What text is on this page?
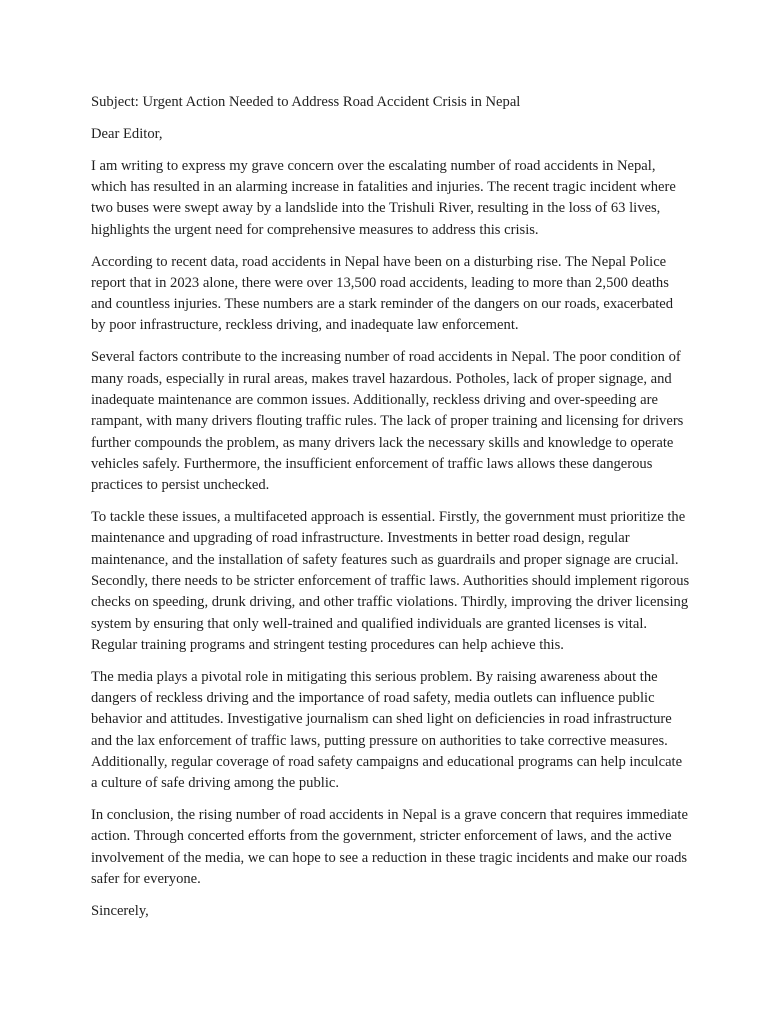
Subject: Urgent Action Needed to Address Road Accident Crisis in Nepal

Dear Editor,

I am writing to express my grave concern over the escalating number of road accidents in Nepal, which has resulted in an alarming increase in fatalities and injuries. The recent tragic incident where two buses were swept away by a landslide into the Trishuli River, resulting in the loss of 63 lives, highlights the urgent need for comprehensive measures to address this crisis.

According to recent data, road accidents in Nepal have been on a disturbing rise. The Nepal Police report that in 2023 alone, there were over 13,500 road accidents, leading to more than 2,500 deaths and countless injuries. These numbers are a stark reminder of the dangers on our roads, exacerbated by poor infrastructure, reckless driving, and inadequate law enforcement.

Several factors contribute to the increasing number of road accidents in Nepal. The poor condition of many roads, especially in rural areas, makes travel hazardous. Potholes, lack of proper signage, and inadequate maintenance are common issues. Additionally, reckless driving and over-speeding are rampant, with many drivers flouting traffic rules. The lack of proper training and licensing for drivers further compounds the problem, as many drivers lack the necessary skills and knowledge to operate vehicles safely. Furthermore, the insufficient enforcement of traffic laws allows these dangerous practices to persist unchecked.

To tackle these issues, a multifaceted approach is essential. Firstly, the government must prioritize the maintenance and upgrading of road infrastructure. Investments in better road design, regular maintenance, and the installation of safety features such as guardrails and proper signage are crucial. Secondly, there needs to be stricter enforcement of traffic laws. Authorities should implement rigorous checks on speeding, drunk driving, and other traffic violations. Thirdly, improving the driver licensing system by ensuring that only well-trained and qualified individuals are granted licenses is vital. Regular training programs and stringent testing procedures can help achieve this.

The media plays a pivotal role in mitigating this serious problem. By raising awareness about the dangers of reckless driving and the importance of road safety, media outlets can influence public behavior and attitudes. Investigative journalism can shed light on deficiencies in road infrastructure and the lax enforcement of traffic laws, putting pressure on authorities to take corrective measures. Additionally, regular coverage of road safety campaigns and educational programs can help inculcate a culture of safe driving among the public.

In conclusion, the rising number of road accidents in Nepal is a grave concern that requires immediate action. Through concerted efforts from the government, stricter enforcement of laws, and the active involvement of the media, we can hope to see a reduction in these tragic incidents and make our roads safer for everyone.

Sincerely,
